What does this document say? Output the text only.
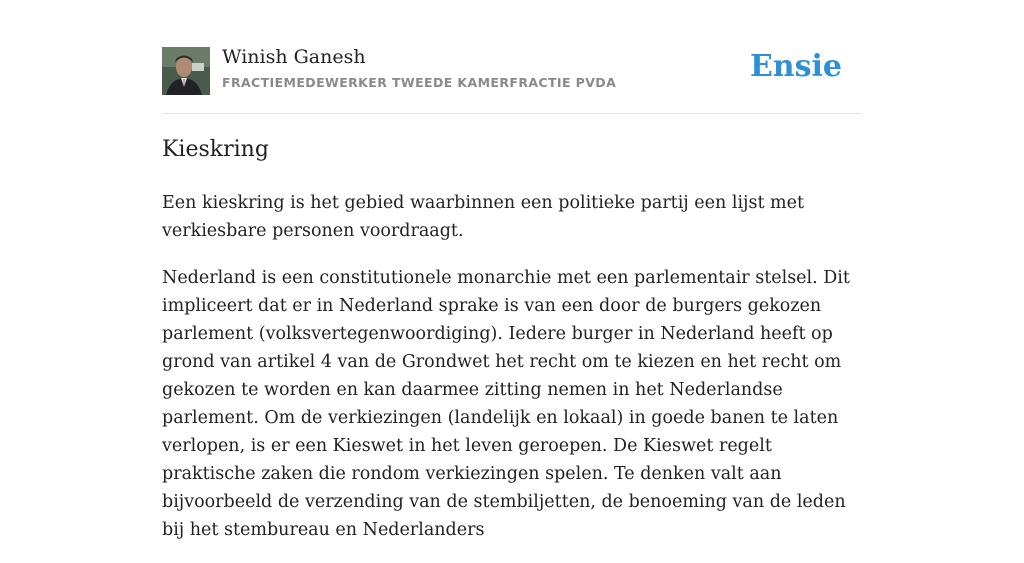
Winish Ganesh
FRACTIEMEDEWERKER TWEEDE KAMERFRACTIE PVDA	Ensie
Kieskring

Een kieskring is het gebied waarbinnen een politieke partij een lijst met verkiesbare personen voordraagt.

Nederland is een constitutionele monarchie met een parlementair stelsel. Dit impliceert dat er in Nederland sprake is van een door de burgers gekozen parlement (volksvertegenwoordiging). Iedere burger in Nederland heeft op grond van artikel 4 van de Grondwet het recht om te kiezen en het recht om gekozen te worden en kan daarmee zitting nemen in het Nederlandse parlement. Om de verkiezingen (landelijk en lokaal) in goede banen te laten verlopen, is er een Kieswet in het leven geroepen. De Kieswet regelt praktische zaken die rondom verkiezingen spelen. Te denken valt aan bijvoorbeeld de verzending van de stembiljetten, de benoeming van de leden bij het stembureau en Nederlanders
